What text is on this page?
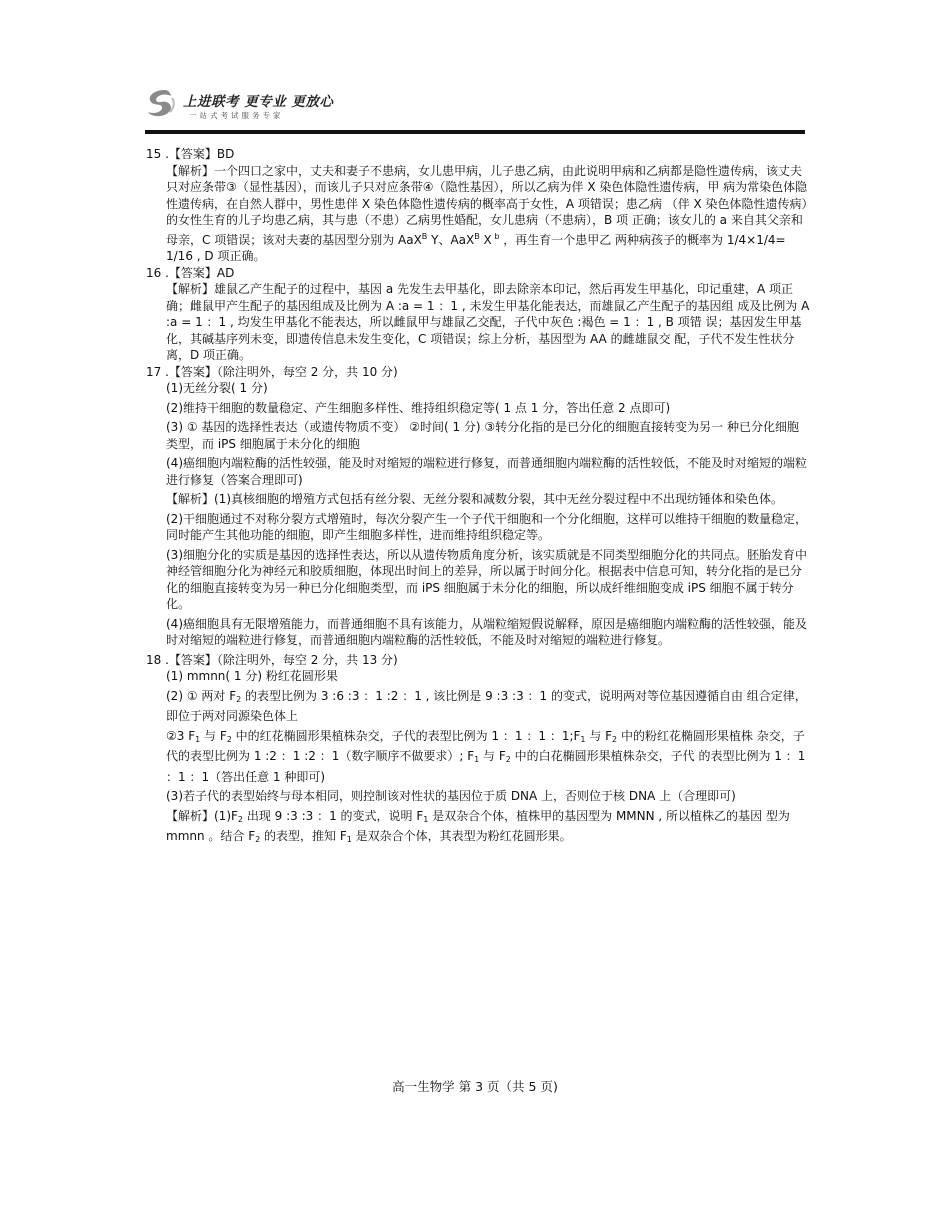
上进联考 更专业 更放心
一站式考试服务专家

15 .【答案】BD

【解析】一个四口之家中，丈夫和妻子不患病，女儿患甲病，儿子患乙病，由此说明甲病和乙病都是隐性遗传病，该丈夫只对应条带③（显性基因），而该儿子只对应条带④（隐性基因），所以乙病为伴 X 染色体隐性遗传病，甲 病为常染色体隐性遗传病，在自然人群中，男性患伴 X 染色体隐性遗传病的概率高于女性，A 项错误；患乙病 （伴 X 染色体隐性遗传病）的女性生育的儿子均患乙病，其与患（不患）乙病男性婚配，女儿患病（不患病），B 项 正确；该女儿的 a 来自其父亲和母亲，C 项错误；该对夫妻的基因型分别为 AaX$^B$ Y、AaX$^B$ X $^b$ ，再生育一个患甲乙 两种病孩子的概率为 1/4×1/4= 1/16 , D 项正确。

16 .【答案】AD

【解析】雄鼠乙产生配子的过程中，基因 a 先发生去甲基化，即去除亲本印记，然后再发生甲基化，印记重建，A 项正确；雌鼠甲产生配子的基因组成及比例为 A :a = 1 ：1 , 未发生甲基化能表达，而雄鼠乙产生配子的基因组 成及比例为 A :a = 1 ：1 , 均发生甲基化不能表达，所以雌鼠甲与雄鼠乙交配，子代中灰色 :褐色 = 1 ：1 , B 项错 误；基因发生甲基化，其碱基序列未变，即遗传信息未发生变化，C 项错误；综上分析，基因型为 AA 的雌雄鼠交 配，子代不发生性状分离，D 项正确。

17 .【答案】（除注明外，每空 2 分，共 10 分)

(1)无丝分裂( 1 分)

(2)维持干细胞的数量稳定、产生细胞多样性、维持组织稳定等( 1 点 1 分，答出任意 2 点即可)

(3) ① 基因的选择性表达（或遗传物质不变） ②时间( 1 分) ③转分化指的是已分化的细胞直接转变为另一 种已分化细胞类型，而 iPS 细胞属于未分化的细胞

(4)癌细胞内端粒酶的活性较强，能及时对缩短的端粒进行修复，而普通细胞内端粒酶的活性较低，不能及时对缩短的端粒进行修复（答案合理即可)

【解析】(1)真核细胞的增殖方式包括有丝分裂、无丝分裂和减数分裂，其中无丝分裂过程中不出现纺锤体和染色体。

(2)干细胞通过不对称分裂方式增殖时，每次分裂产生一个子代干细胞和一个分化细胞，这样可以维持干细胞的数量稳定，同时能产生其他功能的细胞，即产生细胞多样性，进而维持组织稳定等。

(3)细胞分化的实质是基因的选择性表达，所以从遗传物质角度分析，该实质就是不同类型细胞分化的共同点。胚胎发育中神经管细胞分化为神经元和胶质细胞，体现出时间上的差异，所以属于时间分化。根据表中信息可知，转分化指的是已分化的细胞直接转变为另一种已分化细胞类型，而 iPS 细胞属于未分化的细胞，所以成纤维细胞变成 iPS 细胞不属于转分化。

(4)癌细胞具有无限增殖能力，而普通细胞不具有该能力，从端粒缩短假说解释，原因是癌细胞内端粒酶的活性较强，能及时对缩短的端粒进行修复，而普通细胞内端粒酶的活性较低，不能及时对缩短的端粒进行修复。

18 .【答案】（除注明外，每空 2 分，共 13 分)

(1) mmnn( 1 分) 粉红花圆形果

(2) ① 两对 $F_2$ 的表型比例为 3 :6 :3 ：1 :2 ：1 , 该比例是 9 :3 :3 ：1 的变式，说明两对等位基因遵循自由 组合定律，即位于两对同源染色体上

②3 $F_1$ 与 $F_2$ 中的红花椭圆形果植株杂交，子代的表型比例为 1 ：1 ：1 ：$1;F_1$ 与 $F_2$ 中的粉红花椭圆形果植株 杂交，子代的表型比例为 1 :2 ：1 :2 ：1（数字顺序不做要求）; $F_1$ 与 $F_2$ 中的白花椭圆形果植株杂交，子代 的表型比例为 1 ：1 ：1 ：1（答出任意 1 种即可)

(3)若子代的表型始终与母本相同，则控制该对性状的基因位于质 DNA 上，否则位于核 DNA 上（合理即可)

【解析】$(1)F_2$ 出现 9 :3 :3 ：1 的变式，说明 $F_1$ 是双杂合个体，植株甲的基因型为 MMNN , 所以植株乙的基因 型为 mmnn 。结合 $F_2$ 的表型，推知 $F_1$ 是双杂合个体，其表型为粉红花圆形果。

高一生物学 第 3 页（共 5 页)
